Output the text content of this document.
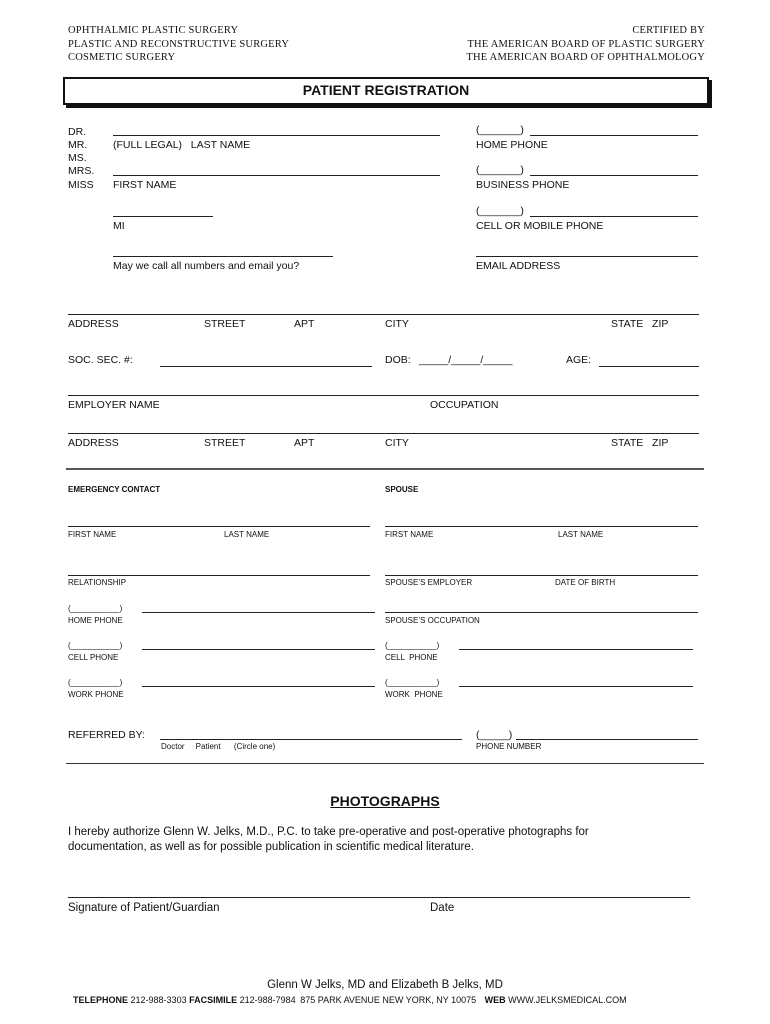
OPHTHALMIC PLASTIC SURGERY
PLASTIC AND RECONSTRUCTIVE SURGERY
COSMETIC SURGERY
CERTIFIED BY
THE AMERICAN BOARD OF PLASTIC SURGERY
THE AMERICAN BOARD OF OPHTHALMOLOGY
PATIENT REGISTRATION
DR.
MR.
MS.
MRS.
MISS
(FULL LEGAL)   LAST NAME
FIRST NAME
MI
May we call all numbers and email you?
(_______)
HOME PHONE
(_______)
BUSINESS PHONE
(_______)
CELL OR MOBILE PHONE
EMAIL ADDRESS
ADDRESS	STREET	APT	CITY	STATE   ZIP
SOC. SEC. #:	DOB: _____/_____/_____	AGE:
EMPLOYER NAME	OCCUPATION
ADDRESS	STREET	APT	CITY	STATE   ZIP
EMERGENCY CONTACT
FIRST NAME	LAST NAME
RELATIONSHIP
(___________)
HOME PHONE
(___________)
CELL PHONE
(___________)
WORK PHONE
SPOUSE
FIRST NAME	LAST NAME
SPOUSE’S EMPLOYER	DATE OF BIRTH
SPOUSE’S OCCUPATION
(___________)
CELL  PHONE
(___________)
WORK  PHONE
REFERRED BY:
Doctor     Patient      (Circle one)
(_____)
PHONE NUMBER
PHOTOGRAPHS
I hereby authorize Glenn W. Jelks, M.D., P.C. to take pre-operative and post-operative photographs for
documentation, as well as for possible publication in scientific medical literature.
Signature of Patient/Guardian	Date
Glenn W Jelks, MD and Elizabeth B Jelks, MD
TELEPHONE 212-988-3303 FACSIMILE 212-988-7984 875 PARK AVENUE NEW YORK, NY 10075 WEB WWW.JELKSMEDICAL.COM
